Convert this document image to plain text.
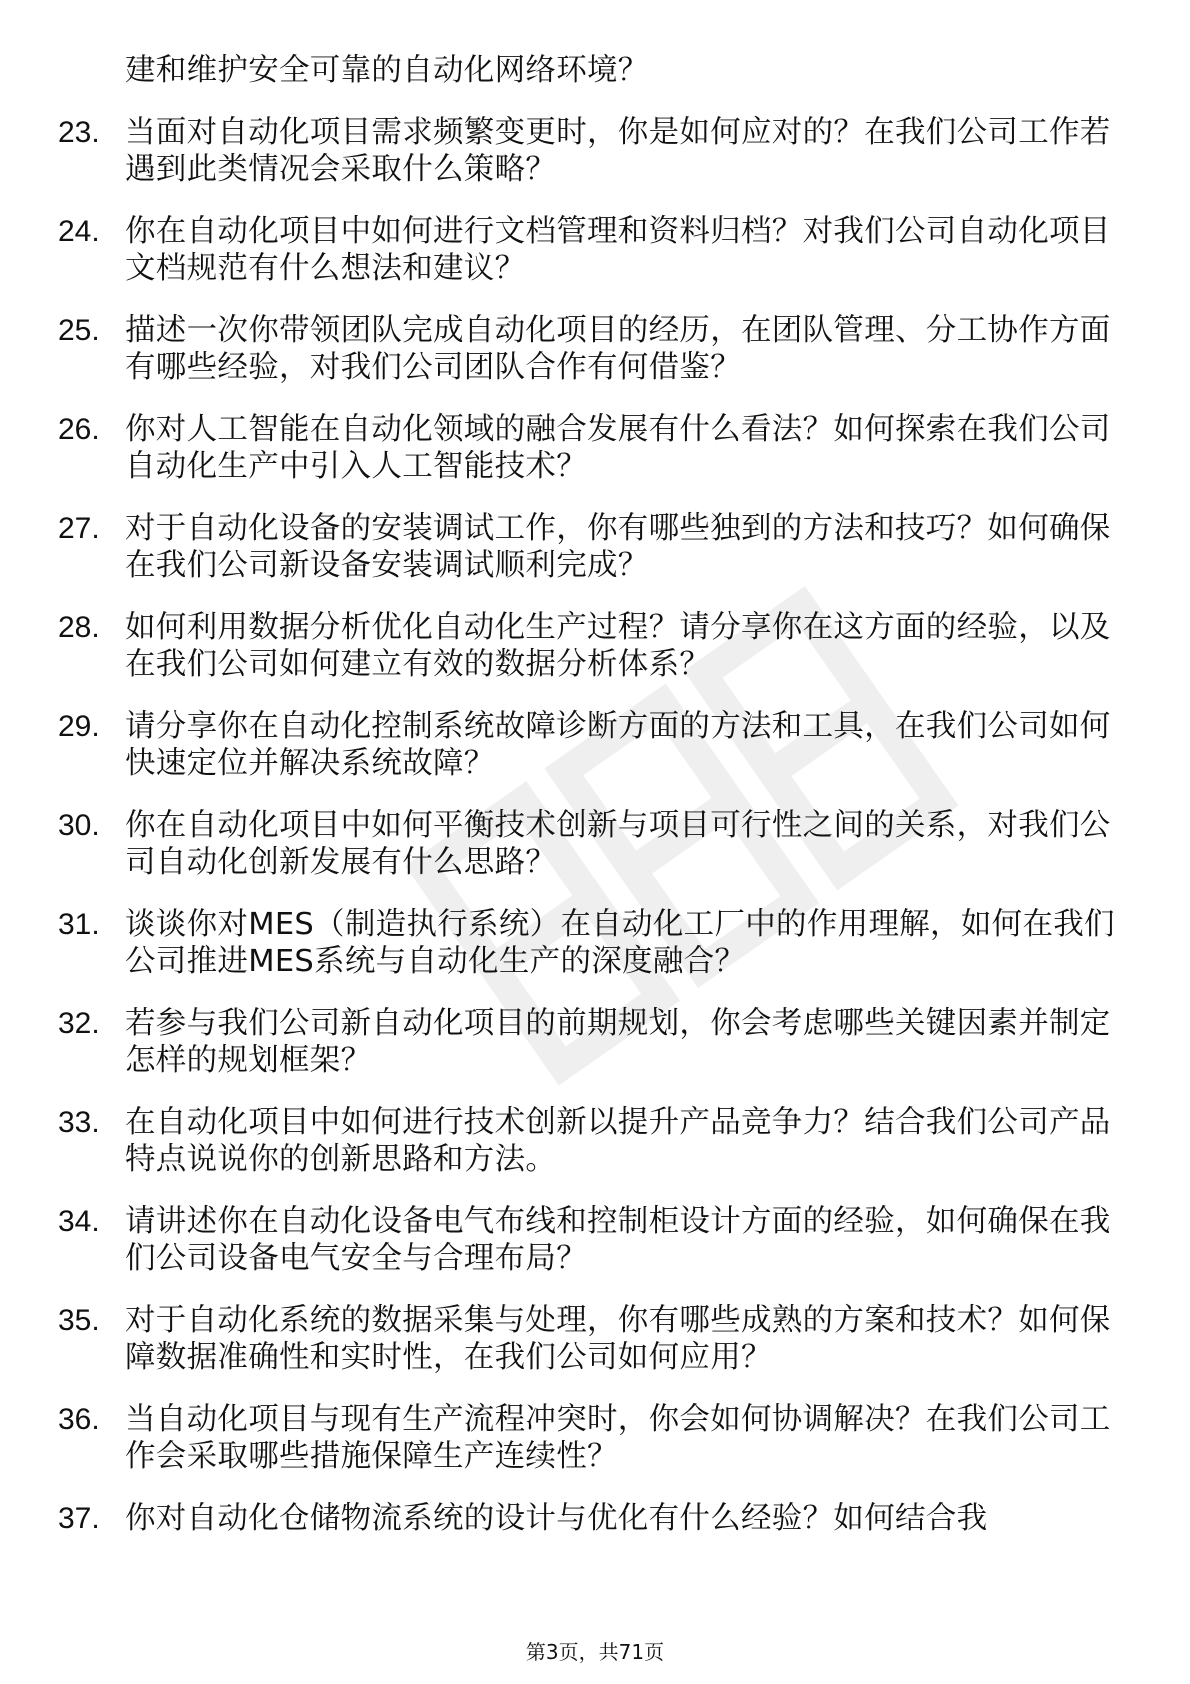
建和维护安全可靠的自动化网络环境？

23. 当面对自动化项目需求频繁变更时，你是如何应对的？在我们公司工作若遇到此类情况会采取什么策略？
24. 你在自动化项目中如何进行文档管理和资料归档？对我们公司自动化项目文档规范有什么想法和建议？
25. 描述一次你带领团队完成自动化项目的经历，在团队管理、分工协作方面有哪些经验，对我们公司团队合作有何借鉴？
26. 你对人工智能在自动化领域的融合发展有什么看法？如何探索在我们公司自动化生产中引入人工智能技术？
27. 对于自动化设备的安装调试工作，你有哪些独到的方法和技巧？如何确保在我们公司新设备安装调试顺利完成？
28. 如何利用数据分析优化自动化生产过程？请分享你在这方面的经验，以及在我们公司如何建立有效的数据分析体系？
29. 请分享你在自动化控制系统故障诊断方面的方法和工具，在我们公司如何快速定位并解决系统故障？
30. 你在自动化项目中如何平衡技术创新与项目可行性之间的关系，对我们公司自动化创新发展有什么思路？
31. 谈谈你对MES（制造执行系统）在自动化工厂中的作用理解，如何在我们公司推进MES系统与自动化生产的深度融合？
32. 若参与我们公司新自动化项目的前期规划，你会考虑哪些关键因素并制定怎样的规划框架？
33. 在自动化项目中如何进行技术创新以提升产品竞争力？结合我们公司产品特点说说你的创新思路和方法。
34. 请讲述你在自动化设备电气布线和控制柜设计方面的经验，如何确保在我们公司设备电气安全与合理布局？
35. 对于自动化系统的数据采集与处理，你有哪些成熟的方案和技术？如何保障数据准确性和实时性，在我们公司如何应用？
36. 当自动化项目与现有生产流程冲突时，你会如何协调解决？在我们公司工作会采取哪些措施保障生产连续性？
37. 你对自动化仓储物流系统的设计与优化有什么经验？如何结合我
第3页，共71页
